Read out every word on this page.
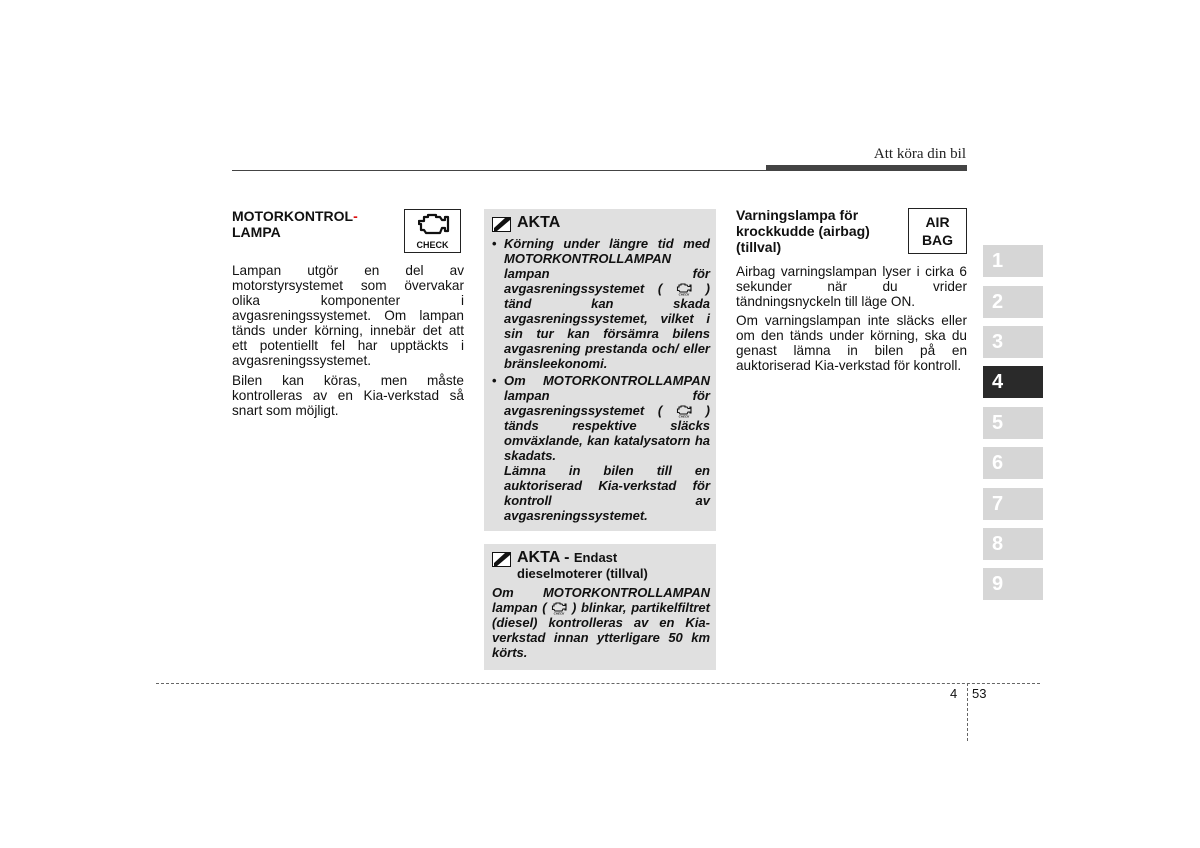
Att köra din bil
MOTORKONTROL-
LAMPA
CHECK
Lampan utgör en del av motorstyrsystemet som övervakar olika komponenter i avgasreningssystemet. Om lampan tänds under körning, innebär det att ett potentiellt fel har upptäckts i avgasreningssystemet.
Bilen kan köras, men måste kontrolleras av en Kia-verkstad så snart som möjligt.
AKTA
• Körning under längre tid med MOTORKONTROLLAMPAN lampan för avgasreningssystemet (	CHECK ) tänd kan skada avgasreningssystemet, vilket i sin tur kan försämra bilens avgasrening prestanda och/ eller bränsleekonomi.
• Om MOTORKONTROLLAMPAN lampan för avgasreningssystemet (	CHECK ) tänds respektive släcks omväxlande, kan katalysatorn ha skadats.
Lämna in bilen till en auktoriserad Kia-verkstad för kontroll av avgasreningssystemet.
AKTA - Endast
dieselmoterer (tillval)
Om MOTORKONTROLLAMPAN lampan ( CHECK ) blinkar, partikelfiltret (diesel) kontrolleras av en Kia-verkstad innan ytterligare 50 km körts.
Varningslampa för krockkudde (airbag) (tillval)
AIR
BAG
Airbag varningslampan lyser i cirka 6 sekunder när du vrider tändningsnyckeln till läge ON.
Om varningslampan inte släcks eller om den tänds under körning, ska du genast lämna in bilen på en auktoriserad Kia-verkstad för kontroll.
1
2
3
4
5
6
7
8
9
4 53
